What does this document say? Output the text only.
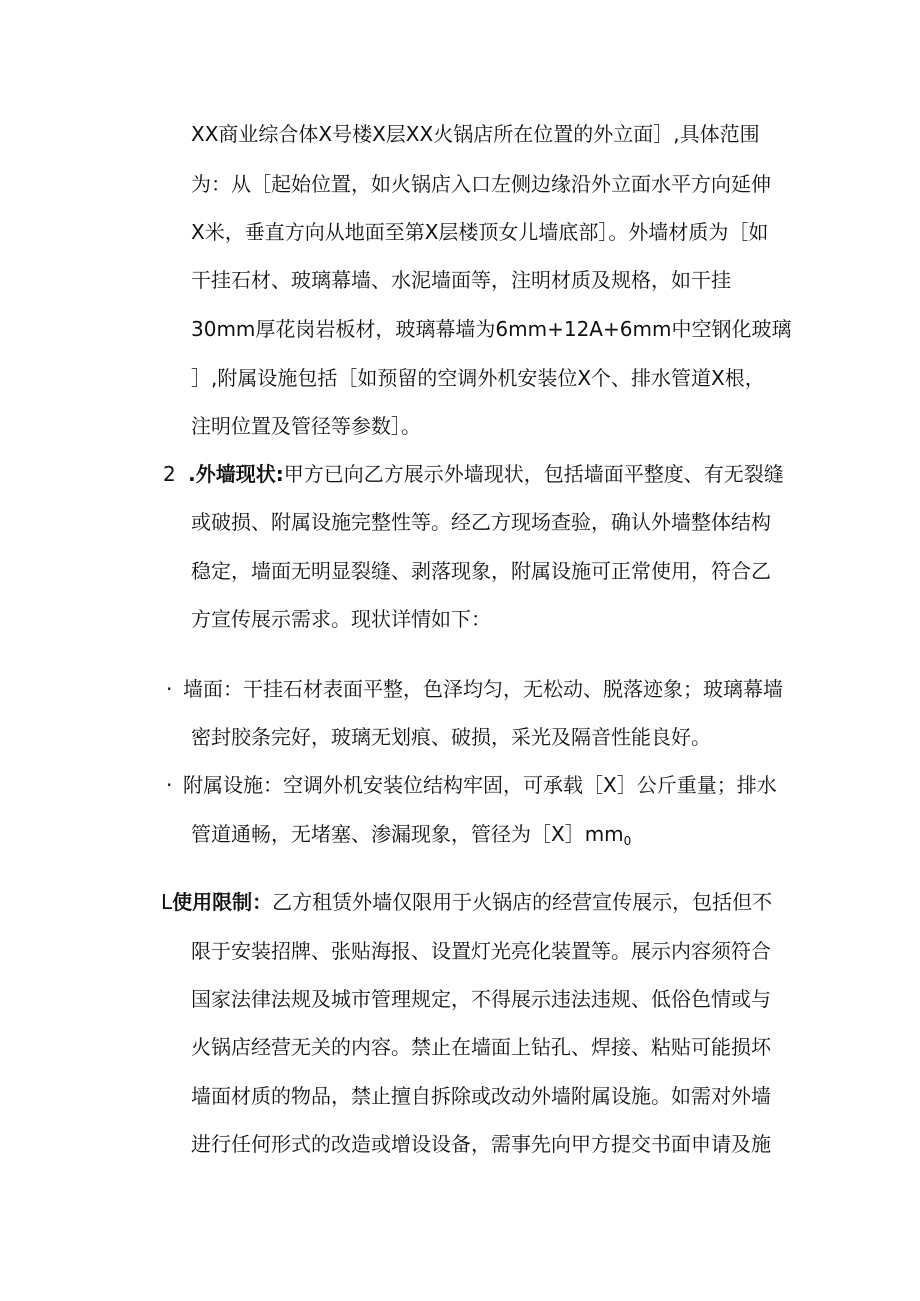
XX商业综合体X号楼X层XX火锅店所在位置的外立面］,具体范围
为：从［起始位置，如火锅店入口左侧边缘沿外立面水平方向延伸
X米，垂直方向从地面至第X层楼顶女儿墙底部］。外墙材质为［如
干挂石材、玻璃幕墙、水泥墙面等，注明材质及规格，如干挂
30mm厚花岗岩板材，玻璃幕墙为6mm+12A+6mm中空钢化玻璃
］,附属设施包括［如预留的空调外机安装位X个、排水管道X根，
注明位置及管径等参数］。
2 .外墙现状:甲方已向乙方展示外墙现状，包括墙面平整度、有无裂缝
或破损、附属设施完整性等。经乙方现场查验，确认外墙整体结构
稳定，墙面无明显裂缝、剥落现象，附属设施可正常使用，符合乙
方宣传展示需求。现状详情如下：
· 墙面：干挂石材表面平整，色泽均匀，无松动、脱落迹象；玻璃幕墙
密封胶条完好，玻璃无划痕、破损，采光及隔音性能良好。
· 附属设施：空调外机安装位结构牢固，可承载［X］公斤重量；排水
管道通畅，无堵塞、渗漏现象，管径为$[X]mm_0$
L使用限制：乙方租赁外墙仅限用于火锅店的经营宣传展示，包括但不
限于安装招牌、张贴海报、设置灯光亮化装置等。展示内容须符合
国家法律法规及城市管理规定，不得展示违法违规、低俗色情或与
火锅店经营无关的内容。禁止在墙面上钻孔、焊接、粘贴可能损坏
墙面材质的物品，禁止擅自拆除或改动外墙附属设施。如需对外墙
进行任何形式的改造或增设设备，需事先向甲方提交书面申请及施
